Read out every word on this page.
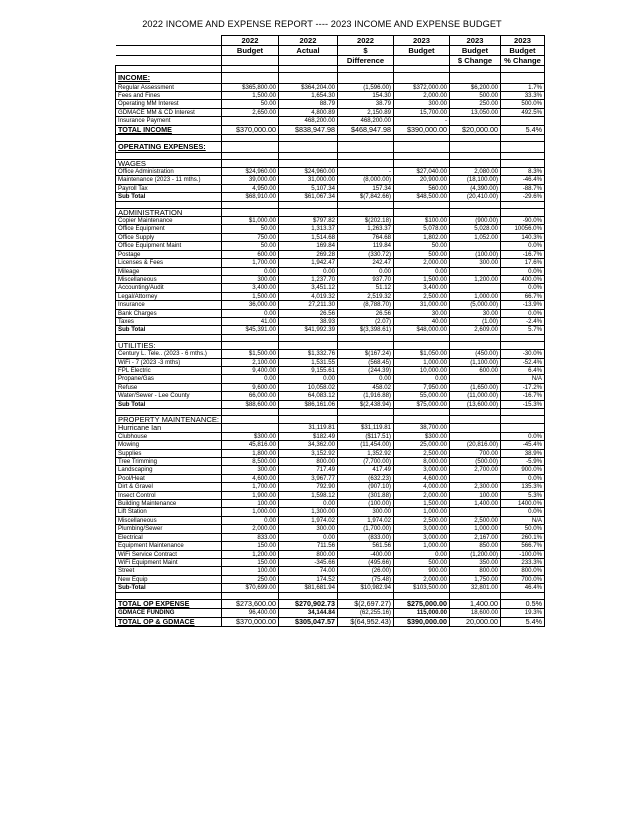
2022 INCOME AND EXPENSE REPORT ---- 2023 INCOME AND EXPENSE BUDGET
	2022	2022	2022	2023	2023	2023
	Budget	Actual	$	Budget	Budget	Budget
			Difference		$ Change	% Change

INCOME:						
Regular Assessment	$365,800.00	$364,204.00	(1,596.00)	$372,000.00	$6,200.00	1.7%
Fees and Fines	1,500.00	1,654.30	154.30	2,000.00	500.00	33.3%
Operating MM Interest	50.00	88.79	38.79	300.00	250.00	500.0%
GDMACE MM & CD Interest	2,650.00	4,800.89	2,150.89	15,700.00	13,050.00	492.5%
Insurance Payment		468,200.00	468,200.00	-		
TOTAL INCOME	$370,000.00	$838,947.98	$468,947.98	$390,000.00	$20,000.00	5.4%

OPERATING EXPENSES:						

WAGES						
Office Administration	$24,960.00	$24,960.00	-	$27,040.00	2,080.00	8.3%
Maintenance (2023 - 11 mths.)	39,000.00	31,000.00	(8,000.00)	20,900.00	(18,100.00)	-46.4%
Payroll Tax	4,950.00	5,107.34	157.34	560.00	(4,390.00)	-88.7%
Sub Total	$68,910.00	$61,067.34	$(7,842.66)	$48,500.00	(20,410.00)	-29.6%

ADMINISTRATION						
Copier Maintenance	$1,000.00	$797.82	$(202.18)	$100.00	(900.00)	-90.0%
Office Equipment	50.00	1,313.37	1,263.37	5,078.00	5,028.00	10056.0%
Office Supply	750.00	1,514.68	764.68	1,802.00	1,052.00	140.3%
Office Equipment Maint	50.00	169.84	119.84	50.00		0.0%
Postage	600.00	269.28	(330.72)	500.00	(100.00)	-16.7%
Licenses & Fees	1,700.00	1,942.47	242.47	2,000.00	300.00	17.6%
Mileage	0.00	0.00	0.00	0.00		0.0%
Miscellaneous	300.00	1,237.70	937.70	1,500.00	1,200.00	400.0%
Accounting/Audit	3,400.00	3,451.12	51.12	3,400.00		0.0%
Legal/Attorney	1,500.00	4,019.32	2,519.32	2,500.00	1,000.00	66.7%
Insurance	36,000.00	27,211.30	(8,788.70)	31,000.00	(5,000.00)	-13.9%
Bank Charges	0.00	26.56	26.56	30.00	30.00	0.0%
Taxes	41.00	38.93	(2.07)	40.00	(1.00)	-2.4%
Sub Total	$45,391.00	$41,992.39	$(3,398.61)	$48,000.00	2,609.00	5.7%

UTILITIES:						
Century L. Tele.. (2023 - 6 mths.)	$1,500.00	$1,332.76	$(167.24)	$1,050.00	(450.00)	-30.0%
WiFi - 7 (2023 -3 mths)	2,100.00	1,531.55	(568.45)	1,000.00	(1,100.00)	-52.4%
FPL Electric	9,400.00	9,155.61	(244.39)	10,000.00	600.00	6.4%
Propane/Gas	0.00	0.00	0.00	0.00		N/A
Refuse	9,600.00	10,058.02	458.02	7,950.00	(1,650.00)	-17.2%
Water/Sewer - Lee County	66,000.00	64,083.12	(1,916.88)	55,000.00	(11,000.00)	-16.7%
Sub Total	$88,600.00	$86,161.06	$(2,438.94)	$75,000.00	(13,600.00)	-15.3%

PROPERTY MAINTENANCE:						
Hurricane Ian		31,119.81	$31,119.81	38,700.00		
Clubhouse	$300.00	$182.49	($117.51)	$300.00		0.0%
Mowing	45,816.00	34,362.00	(11,454.00)	25,000.00	(20,816.00)	-45.4%
Supplies	1,800.00	3,152.92	1,352.92	2,500.00	700.00	38.9%
Tree Trimming	8,500.00	800.00	(7,700.00)	8,000.00	(500.00)	-5.9%
Landscaping	300.00	717.49	417.49	3,000.00	2,700.00	900.0%
Pool/Heat	4,600.00	3,967.77	(632.23)	4,600.00		0.0%
Dirt & Gravel	1,700.00	792.90	(907.10)	4,000.00	2,300.00	135.3%
Insect Control	1,900.00	1,598.12	(301.88)	2,000.00	100.00	5.3%
Building Maintenance	100.00	0.00	(100.00)	1,500.00	1,400.00	1400.0%
Lift Station	1,000.00	1,300.00	300.00	1,000.00		0.0%
Miscellaneous	0.00	1,974.02	1,974.02	2,500.00	2,500.00	N/A
Plumbing/Sewer	2,000.00	300.00	(1,700.00)	3,000.00	1,000.00	50.0%
Electrical	833.00	0.00	(833.00)	3,000.00	2,167.00	260.1%
Equipment Maintenance	150.00	711.56	561.56	1,000.00	850.00	566.7%
WiFi Service Contract	1,200.00	800.00	-400.00	0.00	(1,200.00)	-100.0%
WiFi Equipment Maint	150.00	-345.66	(495.66)	500.00	350.00	233.3%
Street	100.00	74.00	(26.00)	900.00	800.00	800.0%
New Equip	250.00	174.52	(75.48)	2,000.00	1,750.00	700.0%
Sub-Total	$70,699.00	$81,681.94	$10,982.94	$103,500.00	32,801.00	46.4%

TOTAL OP EXPENSE	$273,600.00	$270,902.73	$(2,697.27)	$275,000.00	1,400.00	0.5%
GDMACE FUNDING	96,400.00	34,144.84	(62,255.16)	115,000.00	18,600.00	19.3%
TOTAL OP & GDMACE	$370,000.00	$305,047.57	$(64,952.43)	$390,000.00	20,000.00	5.4%
